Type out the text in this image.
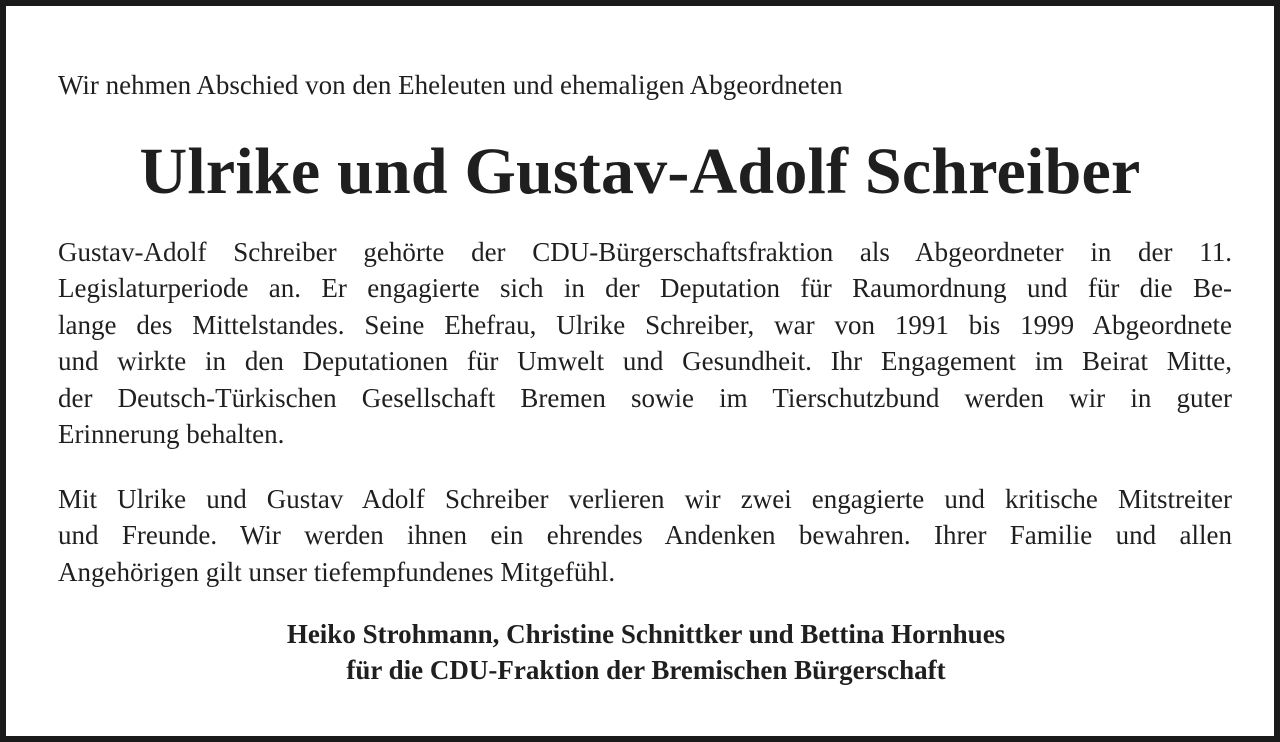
Wir nehmen Abschied von den Eheleuten und ehemaligen Abgeordneten
Ulrike und Gustav-Adolf Schreiber
Gustav-Adolf Schreiber gehörte der CDU-Bürgerschaftsfraktion als Abgeordneter in der 11.
Legislaturperiode an. Er engagierte sich in der Deputation für Raumordnung und für die Be-
lange des Mittelstandes. Seine Ehefrau, Ulrike Schreiber, war von 1991 bis 1999 Abgeordnete
und wirkte in den Deputationen für Umwelt und Gesundheit. Ihr Engagement im Beirat Mitte,
der Deutsch-Türkischen Gesellschaft Bremen sowie im Tierschutzbund werden wir in guter
Erinnerung behalten.
Mit Ulrike und Gustav Adolf Schreiber verlieren wir zwei engagierte und kritische Mitstreiter
und Freunde. Wir werden ihnen ein ehrendes Andenken bewahren. Ihrer Familie und allen
Angehörigen gilt unser tiefempfundenes Mitgefühl.
Heiko Strohmann, Christine Schnittker und Bettina Hornhues
für die CDU-Fraktion der Bremischen Bürgerschaft
